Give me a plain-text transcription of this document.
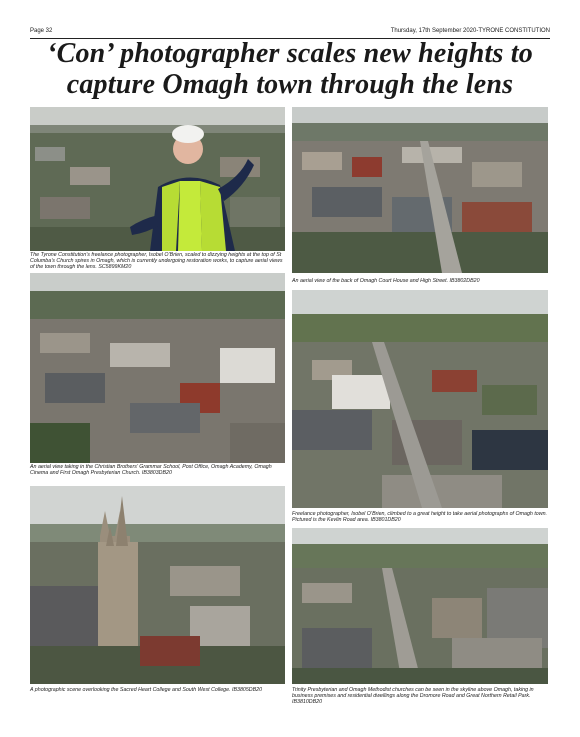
Page 32	Thursday, 17th September 2020-TYRONE CONSTITUTION
‘Con’ photographer scales new heights to capture Omagh town through the lens
The Tyrone Constitution’s freelance photographer, Isobel O’Brien, scaled to dizzying heights at the top of St Columba’s Church spires in Omagh, which is currently undergoing restoration works, to capture aerial views of the town through the lens. SC5899KM20
An aerial view of the back of Omagh Court House and High Street. IB3802DB20
An aerial view taking in the Christian Brothers’ Grammar School, Post Office, Omagh Academy, Omagh Cinema and First Omagh Presbyterian Church. IB3803DB20
Freelance photographer, Isobel O’Brien, climbed to a great height to take aerial photographs of Omagh town. Pictured is the Kevlin Road area. IB3801DB20
A photographic scene overlooking the Sacred Heart College and South West College. IB3805DB20	Trinity Presbyterian and Omagh Methodist churches can be seen in the skyline above Omagh, taking in business premises and residential dwellings along the Dromore Road and Great Northern Retail Park. IB3810DB20
